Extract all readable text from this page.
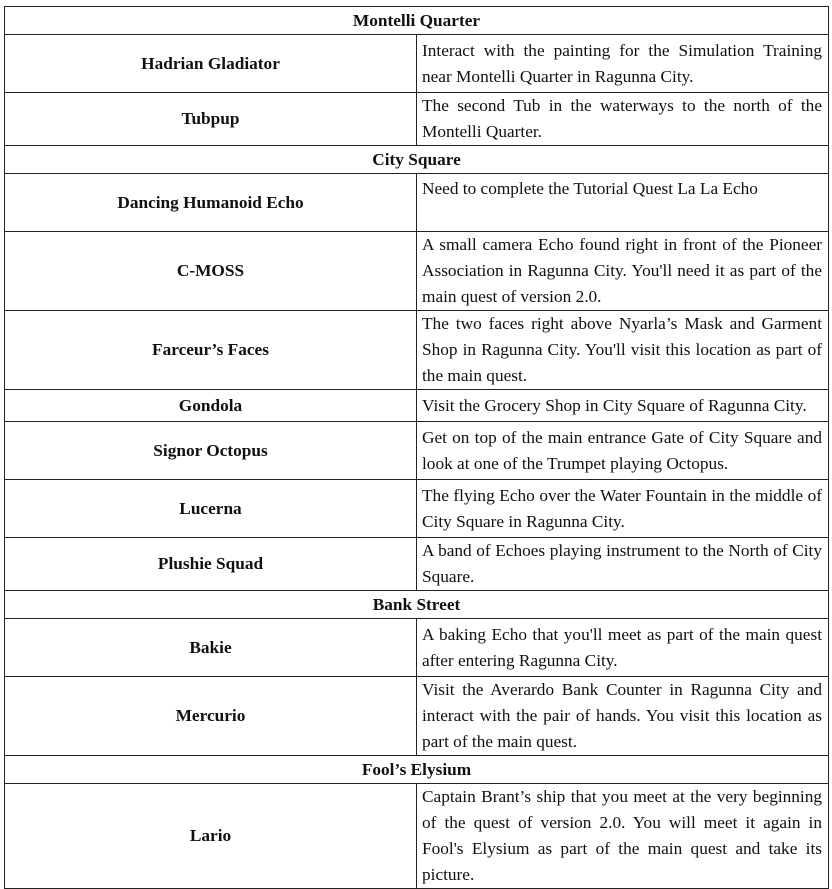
Montelli Quarter	
Hadrian Gladiator	Interact with the painting for the Simulation Training near Montelli Quarter in Ragunna City.
Tubpup	The second Tub in the waterways to the north of the Montelli Quarter.
City Square	
Dancing Humanoid Echo	Need to complete the Tutorial Quest La La Echo
C-MOSS	A small camera Echo found right in front of the Pioneer Association in Ragunna City. You'll need it as part of the main quest of version 2.0.
Farceur’s Faces	The two faces right above Nyarla’s Mask and Garment Shop in Ragunna City. You'll visit this location as part of the main quest.
Gondola	Visit the Grocery Shop in City Square of Ragunna City.
Signor Octopus	Get on top of the main entrance Gate of City Square and look at one of the Trumpet playing Octopus.
Lucerna	The flying Echo over the Water Fountain in the middle of City Square in Ragunna City.
Plushie Squad	A band of Echoes playing instrument to the North of City Square.
Bank Street	
Bakie	A baking Echo that you'll meet as part of the main quest after entering Ragunna City.
Mercurio	Visit the Averardo Bank Counter in Ragunna City and interact with the pair of hands. You visit this location as part of the main quest.
Fool’s Elysium	
Lario	Captain Brant’s ship that you meet at the very beginning of the quest of version 2.0. You will meet it again in Fool's Elysium as part of the main quest and take its picture.
